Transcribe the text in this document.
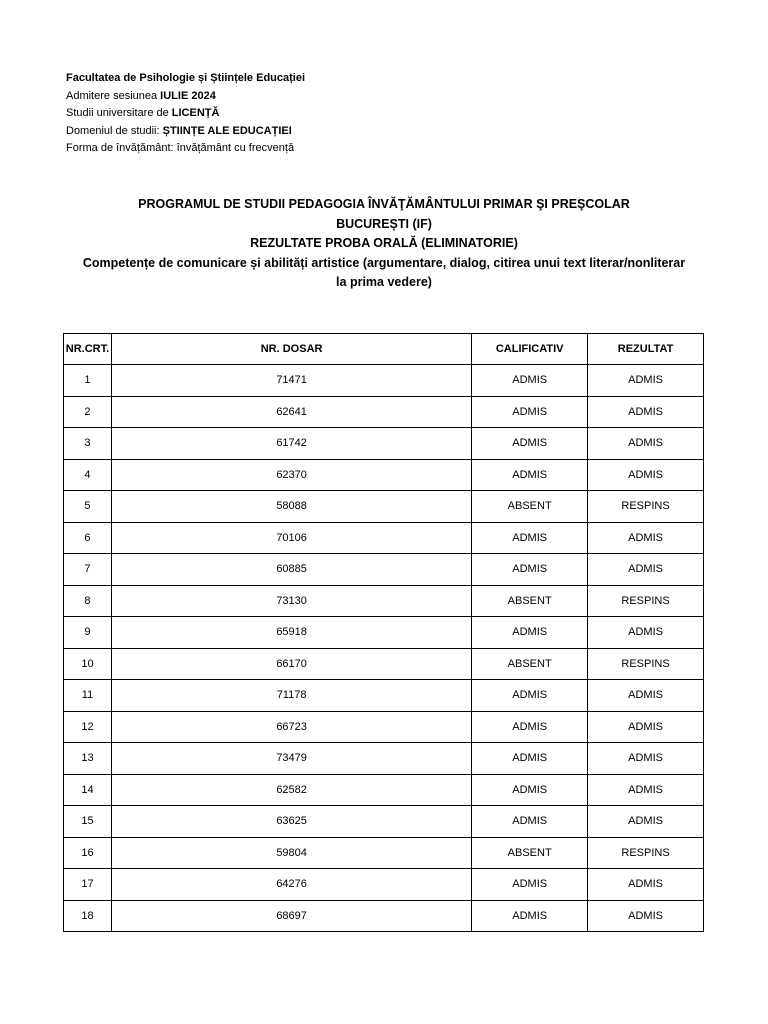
Facultatea de Psihologie și Științele Educației
Admitere sesiunea IULIE 2024
Studii universitare de LICENȚĂ
Domeniul de studii: ȘTIINȚE ALE EDUCAȚIEI
Forma de învățământ: învățământ cu frecvență
PROGRAMUL DE STUDII PEDAGOGIA ÎNVĂŢĂMÂNTULUI PRIMAR ŞI PREŞCOLAR
BUCUREȘTI (IF)
REZULTATE PROBA ORALĂ (ELIMINATORIE)
Competențe de comunicare și abilități artistice (argumentare, dialog, citirea unui text literar/nonliterar
la prima vedere)
NR.CRT.	NR. DOSAR	CALIFICATIV	REZULTAT
1	71471	ADMIS	ADMIS
2	62641	ADMIS	ADMIS
3	61742	ADMIS	ADMIS
4	62370	ADMIS	ADMIS
5	58088	ABSENT	RESPINS
6	70106	ADMIS	ADMIS
7	60885	ADMIS	ADMIS
8	73130	ABSENT	RESPINS
9	65918	ADMIS	ADMIS
10	66170	ABSENT	RESPINS
11	71178	ADMIS	ADMIS
12	66723	ADMIS	ADMIS
13	73479	ADMIS	ADMIS
14	62582	ADMIS	ADMIS
15	63625	ADMIS	ADMIS
16	59804	ABSENT	RESPINS
17	64276	ADMIS	ADMIS
18	68697	ADMIS	ADMIS
